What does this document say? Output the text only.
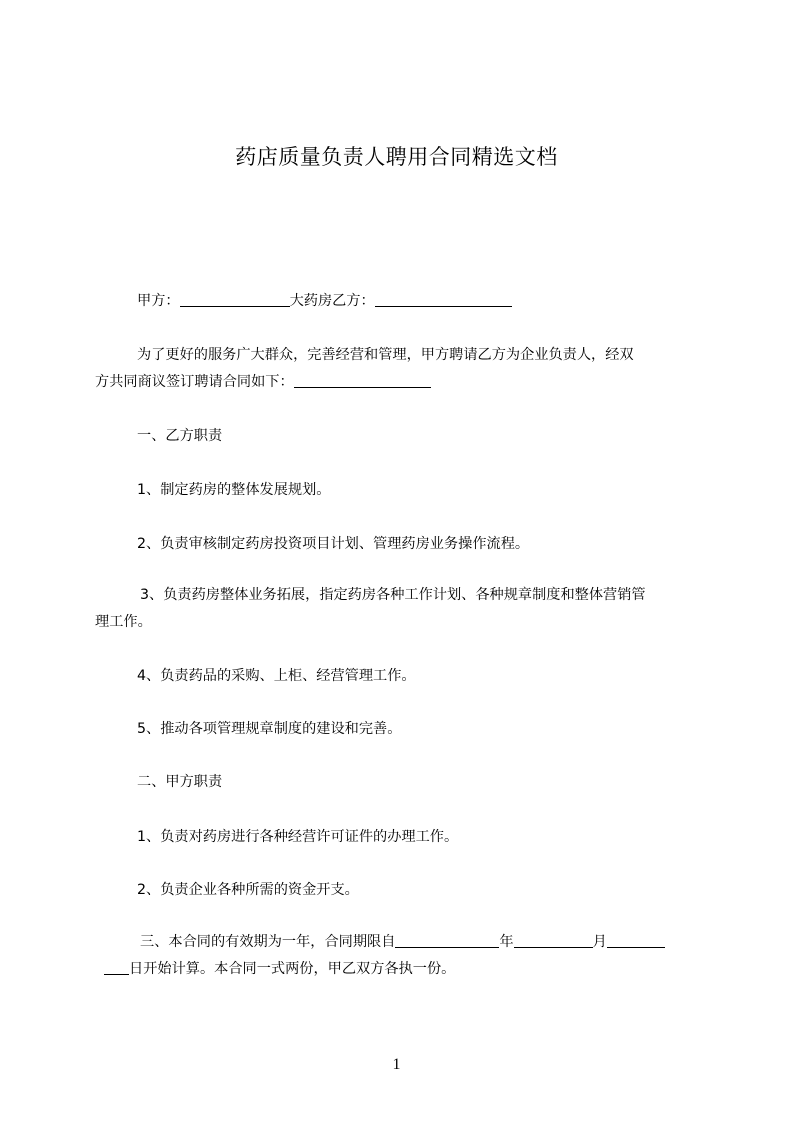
药店质量负责人聘用合同精选文档
甲方：	大药房乙方：
为了更好的服务广大群众，完善经营和管理，甲方聘请乙方为企业负责人，经双
方共同商议签订聘请合同如下：
一、乙方职责
1、制定药房的整体发展规划。
2、负责审核制定药房投资项目计划、管理药房业务操作流程。
3、负责药房整体业务拓展，指定药房各种工作计划、各种规章制度和整体营销管
理工作。
4、负责药品的采购、上柜、经营管理工作。
5、推动各项管理规章制度的建设和完善。
二、甲方职责
1、负责对药房进行各种经营许可证件的办理工作。
2、负责企业各种所需的资金开支。
三、本合同的有效期为一年，合同期限自	年	月
日开始计算。本合同一式两份，甲乙双方各执一份。
1
